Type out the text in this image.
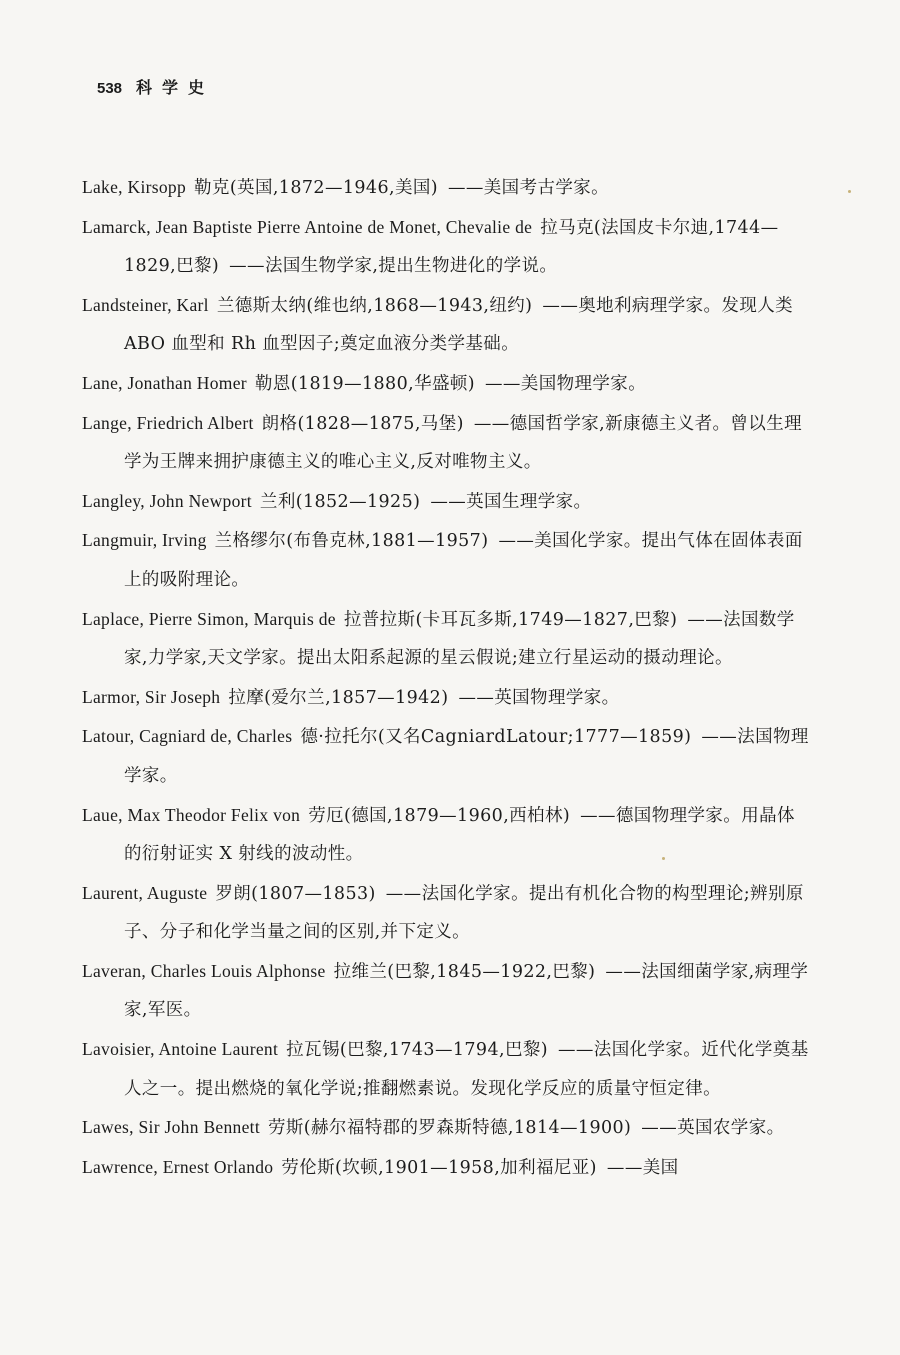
538 科学史
Lake, Kirsopp 勒克(英国,1872—1946,美国) ——美国考古学家。
Lamarck, Jean Baptiste Pierre Antoine de Monet, Chevalie de 拉马克(法国皮卡尔迪,1744—1829,巴黎) ——法国生物学家,提出生物进化的学说。
Landsteiner, Karl 兰德斯太纳(维也纳,1868—1943,纽约) ——奥地利病理学家。发现人类 ABO 血型和 Rh 血型因子;奠定血液分类学基础。
Lane, Jonathan Homer 勒恩(1819—1880,华盛顿) ——美国物理学家。
Lange, Friedrich Albert 朗格(1828—1875,马堡) ——德国哲学家,新康德主义者。曾以生理学为王牌来拥护康德主义的唯心主义,反对唯物主义。
Langley, John Newport 兰利(1852—1925) ——英国生理学家。
Langmuir, Irving 兰格缪尔(布鲁克林,1881—1957) ——美国化学家。提出气体在固体表面上的吸附理论。
Laplace, Pierre Simon, Marquis de 拉普拉斯(卡耳瓦多斯,1749—1827,巴黎) ——法国数学家,力学家,天文学家。提出太阳系起源的星云假说;建立行星运动的摄动理论。
Larmor, Sir Joseph 拉摩(爱尔兰,1857—1942) ——英国物理学家。
Latour, Cagniard de, Charles 德·拉托尔(又名CagniardLatour;1777—1859) ——法国物理学家。
Laue, Max Theodor Felix von 劳厄(德国,1879—1960,西柏林) ——德国物理学家。用晶体的衍射证实 X 射线的波动性。
Laurent, Auguste 罗朗(1807—1853) ——法国化学家。提出有机化合物的构型理论;辨别原子、分子和化学当量之间的区别,并下定义。
Laveran, Charles Louis Alphonse 拉维兰(巴黎,1845—1922,巴黎) ——法国细菌学家,病理学家,军医。
Lavoisier, Antoine Laurent 拉瓦锡(巴黎,1743—1794,巴黎) ——法国化学家。近代化学奠基人之一。提出燃烧的氧化学说;推翻燃素说。发现化学反应的质量守恒定律。
Lawes, Sir John Bennett 劳斯(赫尔福特郡的罗森斯特德,1814—1900) ——英国农学家。
Lawrence, Ernest Orlando 劳伦斯(坎顿,1901—1958,加利福尼亚) ——美国
